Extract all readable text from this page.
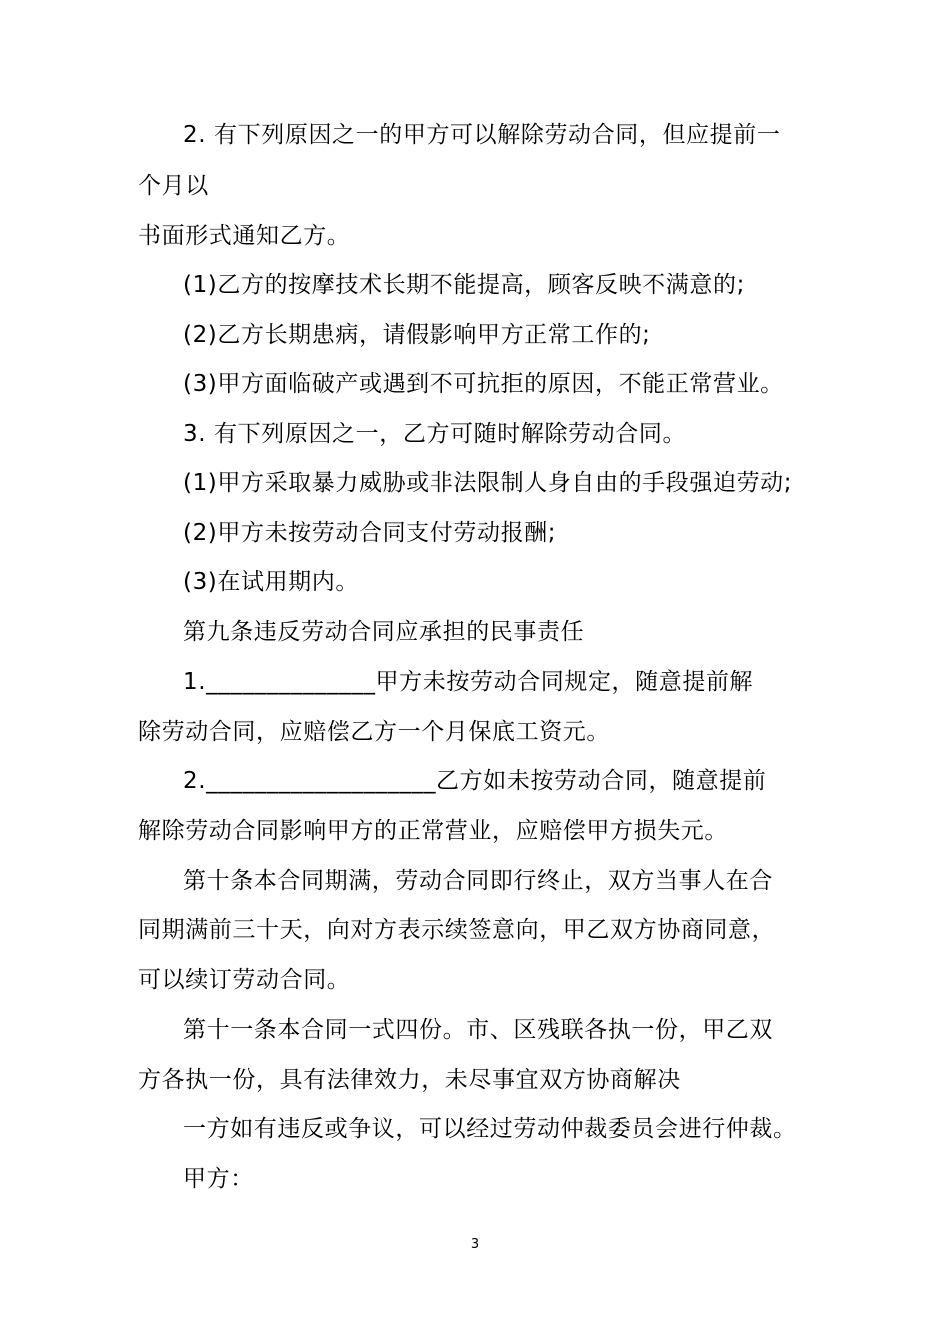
2. 有下列原因之一的甲方可以解除劳动合同，但应提前一
个月以
书面形式通知乙方。
(1)乙方的按摩技术长期不能提高，顾客反映不满意的;
(2)乙方长期患病，请假影响甲方正常工作的;
(3)甲方面临破产或遇到不可抗拒的原因，不能正常营业。
3. 有下列原因之一，乙方可随时解除劳动合同。
(1)甲方采取暴力威胁或非法限制人身自由的手段强迫劳动;
(2)甲方未按劳动合同支付劳动报酬;
(3)在试用期内。
第九条违反劳动合同应承担的民事责任
1.______________甲方未按劳动合同规定，随意提前解
除劳动合同，应赔偿乙方一个月保底工资元。
2.___________________乙方如未按劳动合同，随意提前
解除劳动合同影响甲方的正常营业，应赔偿甲方损失元。
第十条本合同期满，劳动合同即行终止，双方当事人在合
同期满前三十天，向对方表示续签意向，甲乙双方协商同意，
可以续订劳动合同。
第十一条本合同一式四份。市、区残联各执一份，甲乙双
方各执一份，具有法律效力，未尽事宜双方协商解决
一方如有违反或争议，可以经过劳动仲裁委员会进行仲裁。
甲方：
3
